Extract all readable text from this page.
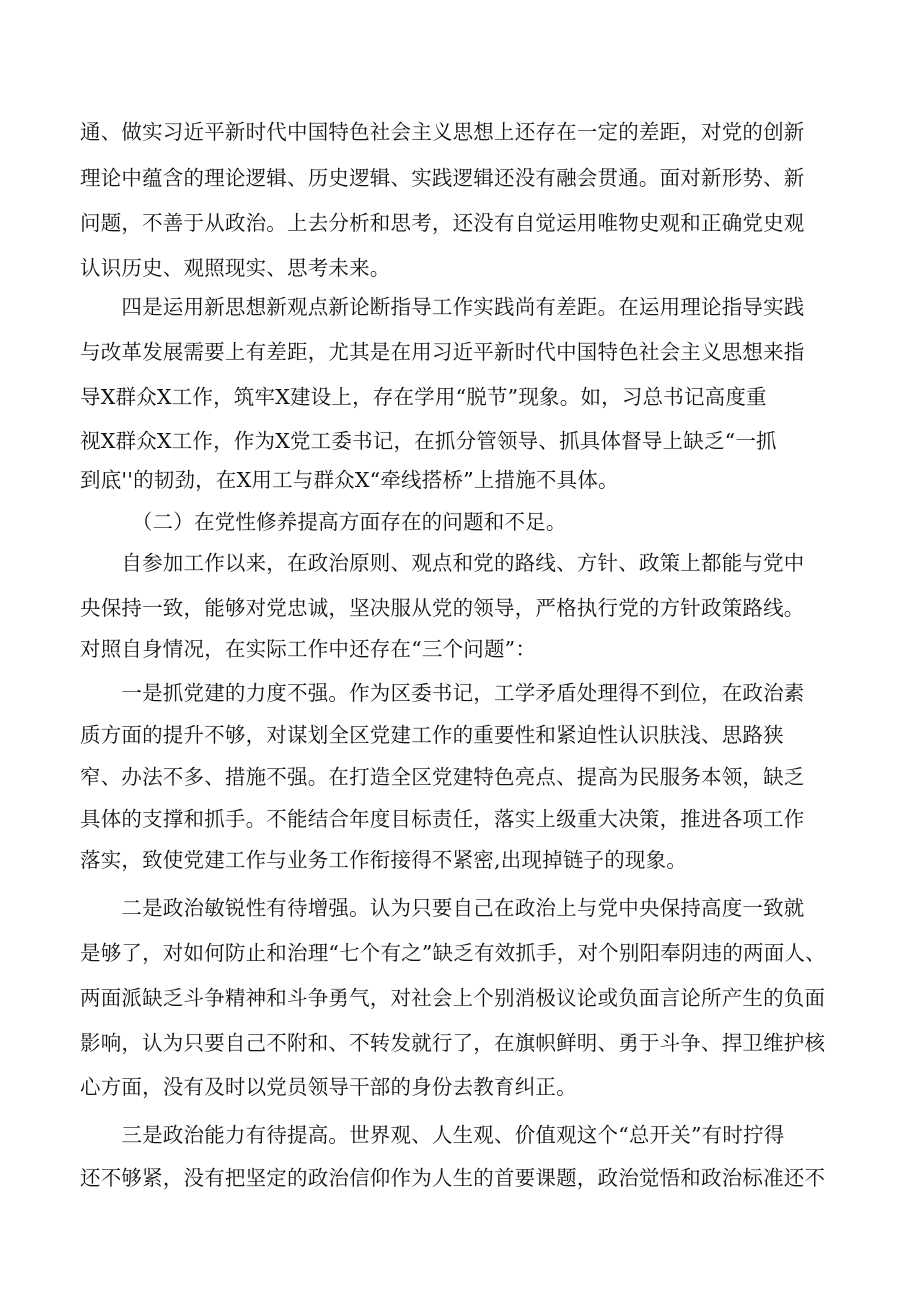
通、做实习近平新时代中国特色社会主义思想上还存在一定的差距，对党的创新
理论中蕴含的理论逻辑、历史逻辑、实践逻辑还没有融会贯通。面对新形势、新
问题，不善于从政治。上去分析和思考，还没有自觉运用唯物史观和正确党史观
认识历史、观照现实、思考未来。
　　四是运用新思想新观点新论断指导工作实践尚有差距。在运用理论指导实践
与改革发展需要上有差距，尤其是在用习近平新时代中国特色社会主义思想来指
导X群众X工作，筑牢X建设上，存在学用“脱节”现象。如，习总书记高度重
视X群众X工作，作为X党工委书记，在抓分管领导、抓具体督导上缺乏“一抓
到底''的韧劲，在X用工与群众X“牵线搭桥”上措施不具体。
　　　（二）在党性修养提高方面存在的问题和不足。
　　自参加工作以来，在政治原则、观点和党的路线、方针、政策上都能与党中
央保持一致，能够对党忠诚，坚决服从党的领导，严格执行党的方针政策路线。
对照自身情况，在实际工作中还存在“三个问题”：
　　一是抓党建的力度不强。作为区委书记，工学矛盾处理得不到位，在政治素
质方面的提升不够，对谋划全区党建工作的重要性和紧迫性认识肤浅、思路狭
窄、办法不多、措施不强。在打造全区党建特色亮点、提高为民服务本领，缺乏
具体的支撑和抓手。不能结合年度目标责任，落实上级重大决策，推进各项工作
落实，致使党建工作与业务工作衔接得不紧密,出现掉链子的现象。
　　二是政治敏锐性有待增强。认为只要自己在政治上与党中央保持高度一致就
是够了，对如何防止和治理“七个有之”缺乏有效抓手，对个别阳奉阴违的两面人、
两面派缺乏斗争精神和斗争勇气，对社会上个别消极议论或负面言论所产生的负面
影响，认为只要自己不附和、不转发就行了，在旗帜鲜明、勇于斗争、捍卫维护核
心方面，没有及时以党员领导干部的身份去教育纠正。
　　三是政治能力有待提高。世界观、人生观、价值观这个“总开关”有时拧得
还不够紧，没有把坚定的政治信仰作为人生的首要课题，政治觉悟和政治标准还不
